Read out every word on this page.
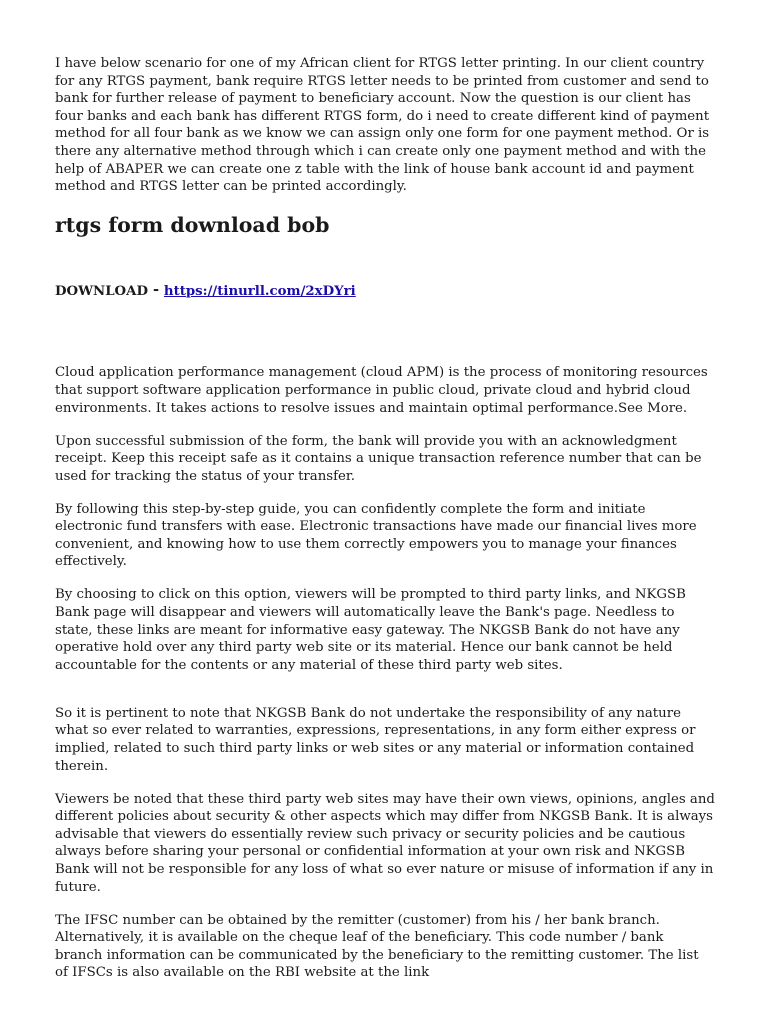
I have below scenario for one of my African client for RTGS letter printing. In our client country for any RTGS payment, bank require RTGS letter needs to be printed from customer and send to bank for further release of payment to beneficiary account. Now the question is our client has four banks and each bank has different RTGS form, do i need to create different kind of payment method for all four bank as we know we can assign only one form for one payment method. Or is there any alternative method through which i can create only one payment method and with the help of ABAPER we can create one z table with the link of house bank account id and payment method and RTGS letter can be printed accordingly.

rtgs form download bob
DOWNLOAD ⁃ https://tinurll.com/2xDYri

Cloud application performance management (cloud APM) is the process of monitoring resources that support software application performance in public cloud, private cloud and hybrid cloud environments. It takes actions to resolve issues and maintain optimal performance.See More.

Upon successful submission of the form, the bank will provide you with an acknowledgment receipt. Keep this receipt safe as it contains a unique transaction reference number that can be used for tracking the status of your transfer.

By following this step-by-step guide, you can confidently complete the form and initiate electronic fund transfers with ease. Electronic transactions have made our financial lives more convenient, and knowing how to use them correctly empowers you to manage your finances effectively.

By choosing to click on this option, viewers will be prompted to third party links, and NKGSB Bank page will disappear and viewers will automatically leave the Bank's page. Needless to state, these links are meant for informative easy gateway. The NKGSB Bank do not have any operative hold over any third party web site or its material. Hence our bank cannot be held accountable for the contents or any material of these third party web sites.

So it is pertinent to note that NKGSB Bank do not undertake the responsibility of any nature what so ever related to warranties, expressions, representations, in any form either express or implied, related to such third party links or web sites or any material or information contained therein.

Viewers be noted that these third party web sites may have their own views, opinions, angles and different policies about security & other aspects which may differ from NKGSB Bank. It is always advisable that viewers do essentially review such privacy or security policies and be cautious always before sharing your personal or confidential information at your own risk and NKGSB Bank will not be responsible for any loss of what so ever nature or misuse of information if any in future.

The IFSC number can be obtained by the remitter (customer) from his / her bank branch. Alternatively, it is available on the cheque leaf of the beneficiary. This code number / bank branch information can be communicated by the beneficiary to the remitting customer. The list of IFSCs is also available on the RBI website at the link
